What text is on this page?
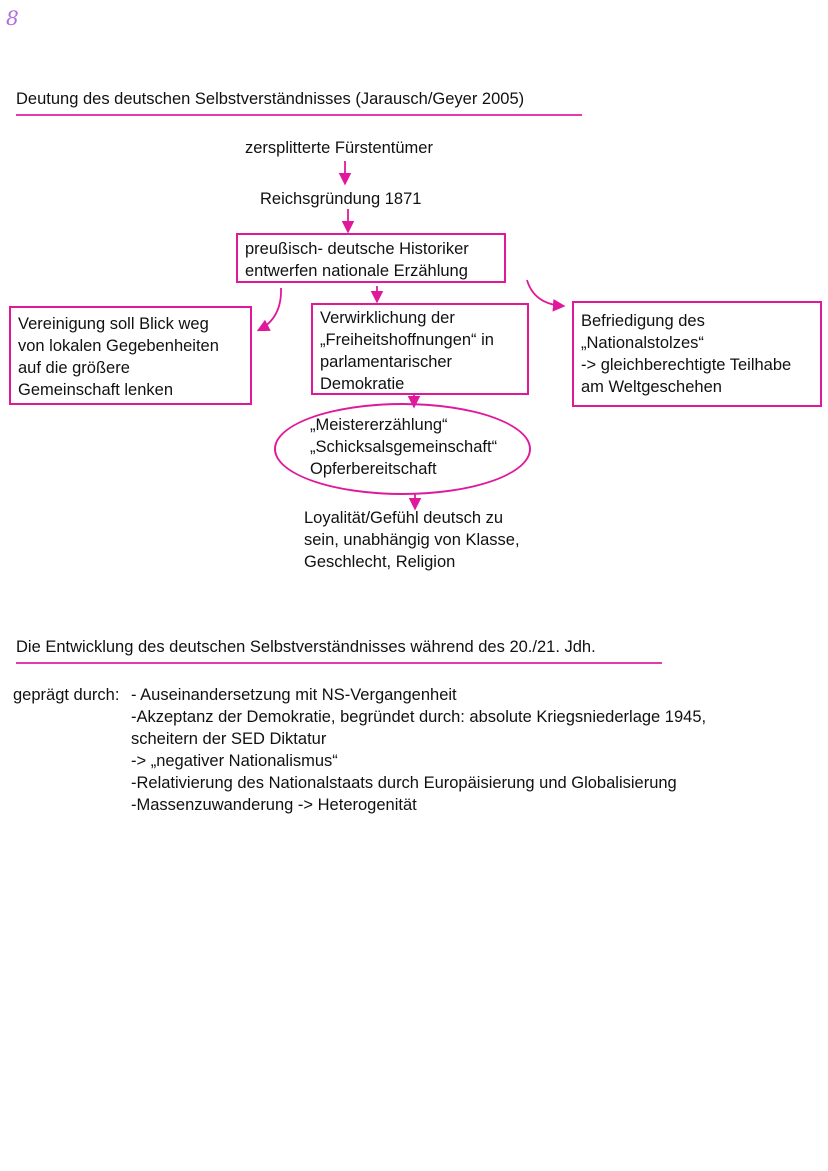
8
Deutung des deutschen Selbstverständnisses (Jarausch/Geyer 2005)
zersplitterte Fürstentümer
Reichsgründung 1871
preußisch- deutsche Historiker
entwerfen nationale Erzählung
Vereinigung soll Blick weg
von lokalen Gegebenheiten
auf die größere
Gemeinschaft lenken
Verwirklichung der
„Freiheitshoffnungen“ in
parlamentarischer
Demokratie
Befriedigung des
„Nationalstolzes“
-> gleichberechtigte Teilhabe
am Weltgeschehen
„Meistererzählung“
„Schicksalsgemeinschaft“
Opferbereitschaft
Loyalität/Gefühl deutsch zu
sein, unabhängig von Klasse,
Geschlecht, Religion
Die Entwicklung des deutschen Selbstverständnisses während des 20./21. Jdh.
geprägt durch: - Auseinandersetzung mit NS-Vergangenheit
-Akzeptanz der Demokratie, begründet durch: absolute Kriegsniederlage 1945,
scheitern der SED Diktatur
-> „negativer Nationalismus“
-Relativierung des Nationalstaats durch Europäisierung und Globalisierung
-Massenzuwanderung -> Heterogenität
